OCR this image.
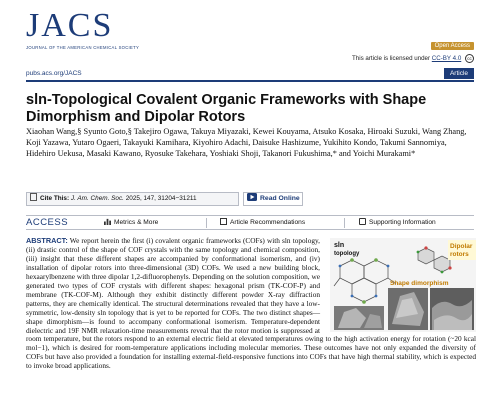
JACS
JOURNAL OF THE AMERICAN CHEMICAL SOCIETY	Open Access
This article is licensed under CC-BY 4.0 cc
pubs.acs.org/JACS	Article
sln-Topological Covalent Organic Frameworks with Shape Dimorphism and Dipolar Rotors
Xiaohan Wang,§ Syunto Goto,§ Takejiro Ogawa, Takuya Miyazaki, Kewei Kouyama, Atsuko Kosaka, Hiroaki Suzuki, Wang Zhang, Koji Yazawa, Yutaro Ogaeri, Takayuki Kamihara, Kiyohiro Adachi, Daisuke Hashizume, Yukihito Kondo, Takumi Sannomiya, Hidehiro Uekusa, Masaki Kawano, Ryosuke Takehara, Yoshiaki Shoji, Takanori Fukushima,* and Yoichi Murakami*
Cite This: J. Am. Chem. Soc. 2025, 147, 31204−31211	Read Online
ACCESS	Metrics & More	Article Recommendations	Supporting Information
ABSTRACT: We report herein the first (i) covalent organic frameworks (COFs) with sln topology, (ii) drastic control of the shape of COF crystals with the same topology and chemical composition, (iii) insight that these different shapes are accompanied by conformational isomerism, and (iv) installation of dipolar rotors into three-dimensional (3D) COFs. We used a new building block, hexaarylbenzene with three dipolar 1,2-difluorophenyls. Depending on the solution composition, we generated two types of COF crystals with different shapes: hexagonal prism (TK-COF-P) and membrane (TK-COF-M). Although they exhibit distinctly different powder X-ray diffraction patterns, they are chemically identical. The structural determinations revealed that they have a low-symmetric, low-density sln topology that is yet to be reported for COFs. The two distinct shapes—shape dimorphism—is found to accompany conformational isomerism. Temperature-dependent dielectric and 19F NMR relaxation-time measurements reveal that the rotor motion is suppressed at room temperature, but the rotors respond to an external electric field at elevated temperatures owing to the high activation energy for rotation (~20 kcal mol−1), which is desired for room-temperature applications including molecular memories. These outcomes have not only expanded the diversity of COFs but have also provided a foundation for installing external-field-responsive functions into COFs that have high thermal stability, which is expected to invoke broad applications.
sln
topology
Dipolar
rotors
Shape dimorphism
